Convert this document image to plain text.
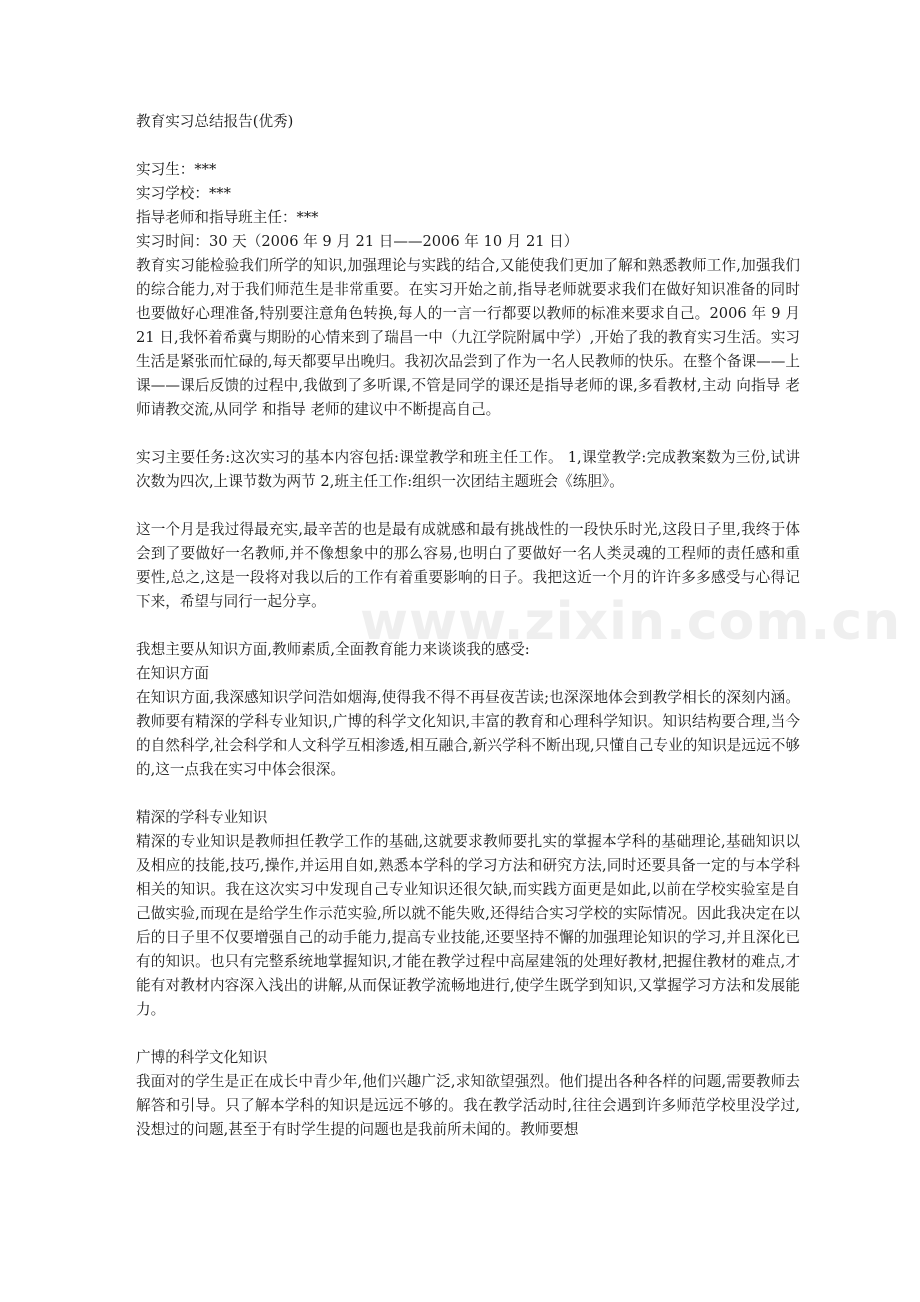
教育实习总结报告(优秀)
实习生：***
实习学校：***
指导老师和指导班主任：***
实习时间：30 天（2006 年 9 月 21 日——2006 年 10 月 21 日）
教育实习能检验我们所学的知识,加强理论与实践的结合,又能使我们更加了解和熟悉教师工作,加强我们的综合能力,对于我们师范生是非常重要。在实习开始之前,指导老师就要求我们在做好知识准备的同时也要做好心理准备,特别要注意角色转换,每人的一言一行都要以教师的标准来要求自己。2006 年 9 月 21 日,我怀着希冀与期盼的心情来到了瑞昌一中（九江学院附属中学）,开始了我的教育实习生活。实习生活是紧张而忙碌的,每天都要早出晚归。我初次品尝到了作为一名人民教师的快乐。在整个备课——上课——课后反馈的过程中,我做到了多听课,不管是同学的课还是指导老师的课,多看教材,主动 向指导 老师请教交流,从同学 和指导 老师的建议中不断提高自己。
实习主要任务:这次实习的基本内容包括:课堂教学和班主任工作。 1,课堂教学:完成教案数为三份,试讲次数为四次,上课节数为两节 2,班主任工作:组织一次团结主题班会《练胆》。
这一个月是我过得最充实,最辛苦的也是最有成就感和最有挑战性的一段快乐时光,这段日子里,我终于体会到了要做好一名教师,并不像想象中的那么容易,也明白了要做好一名人类灵魂的工程师的责任感和重要性,总之,这是一段将对我以后的工作有着重要影响的日子。我把这近一个月的许许多多感受与心得记下来，希望与同行一起分享。
我想主要从知识方面,教师素质,全面教育能力来谈谈我的感受:
在知识方面
在知识方面,我深感知识学问浩如烟海,使得我不得不再昼夜苦读;也深深地体会到教学相长的深刻内涵。 教师要有精深的学科专业知识,广博的科学文化知识,丰富的教育和心理科学知识。知识结构要合理,当今的自然科学,社会科学和人文科学互相渗透,相互融合,新兴学科不断出现,只懂自己专业的知识是远远不够的,这一点我在实习中体会很深。
精深的学科专业知识
精深的专业知识是教师担任教学工作的基础,这就要求教师要扎实的掌握本学科的基础理论,基础知识以及相应的技能,技巧,操作,并运用自如,熟悉本学科的学习方法和研究方法,同时还要具备一定的与本学科相关的知识。我在这次实习中发现自己专业知识还很欠缺,而实践方面更是如此,以前在学校实验室是自己做实验,而现在是给学生作示范实验,所以就不能失败,还得结合实习学校的实际情况。因此我决定在以后的日子里不仅要增强自己的动手能力,提高专业技能,还要坚持不懈的加强理论知识的学习,并且深化已有的知识。也只有完整系统地掌握知识,才能在教学过程中高屋建瓴的处理好教材,把握住教材的难点,才能有对教材内容深入浅出的讲解,从而保证教学流畅地进行,使学生既学到知识,又掌握学习方法和发展能力。
广博的科学文化知识
我面对的学生是正在成长中青少年,他们兴趣广泛,求知欲望强烈。他们提出各种各样的问题,需要教师去解答和引导。只了解本学科的知识是远远不够的。我在教学活动时,往往会遇到许多师范学校里没学过,没想过的问题,甚至于有时学生提的问题也是我前所未闻的。教师要想
www.zixin.com.cn
